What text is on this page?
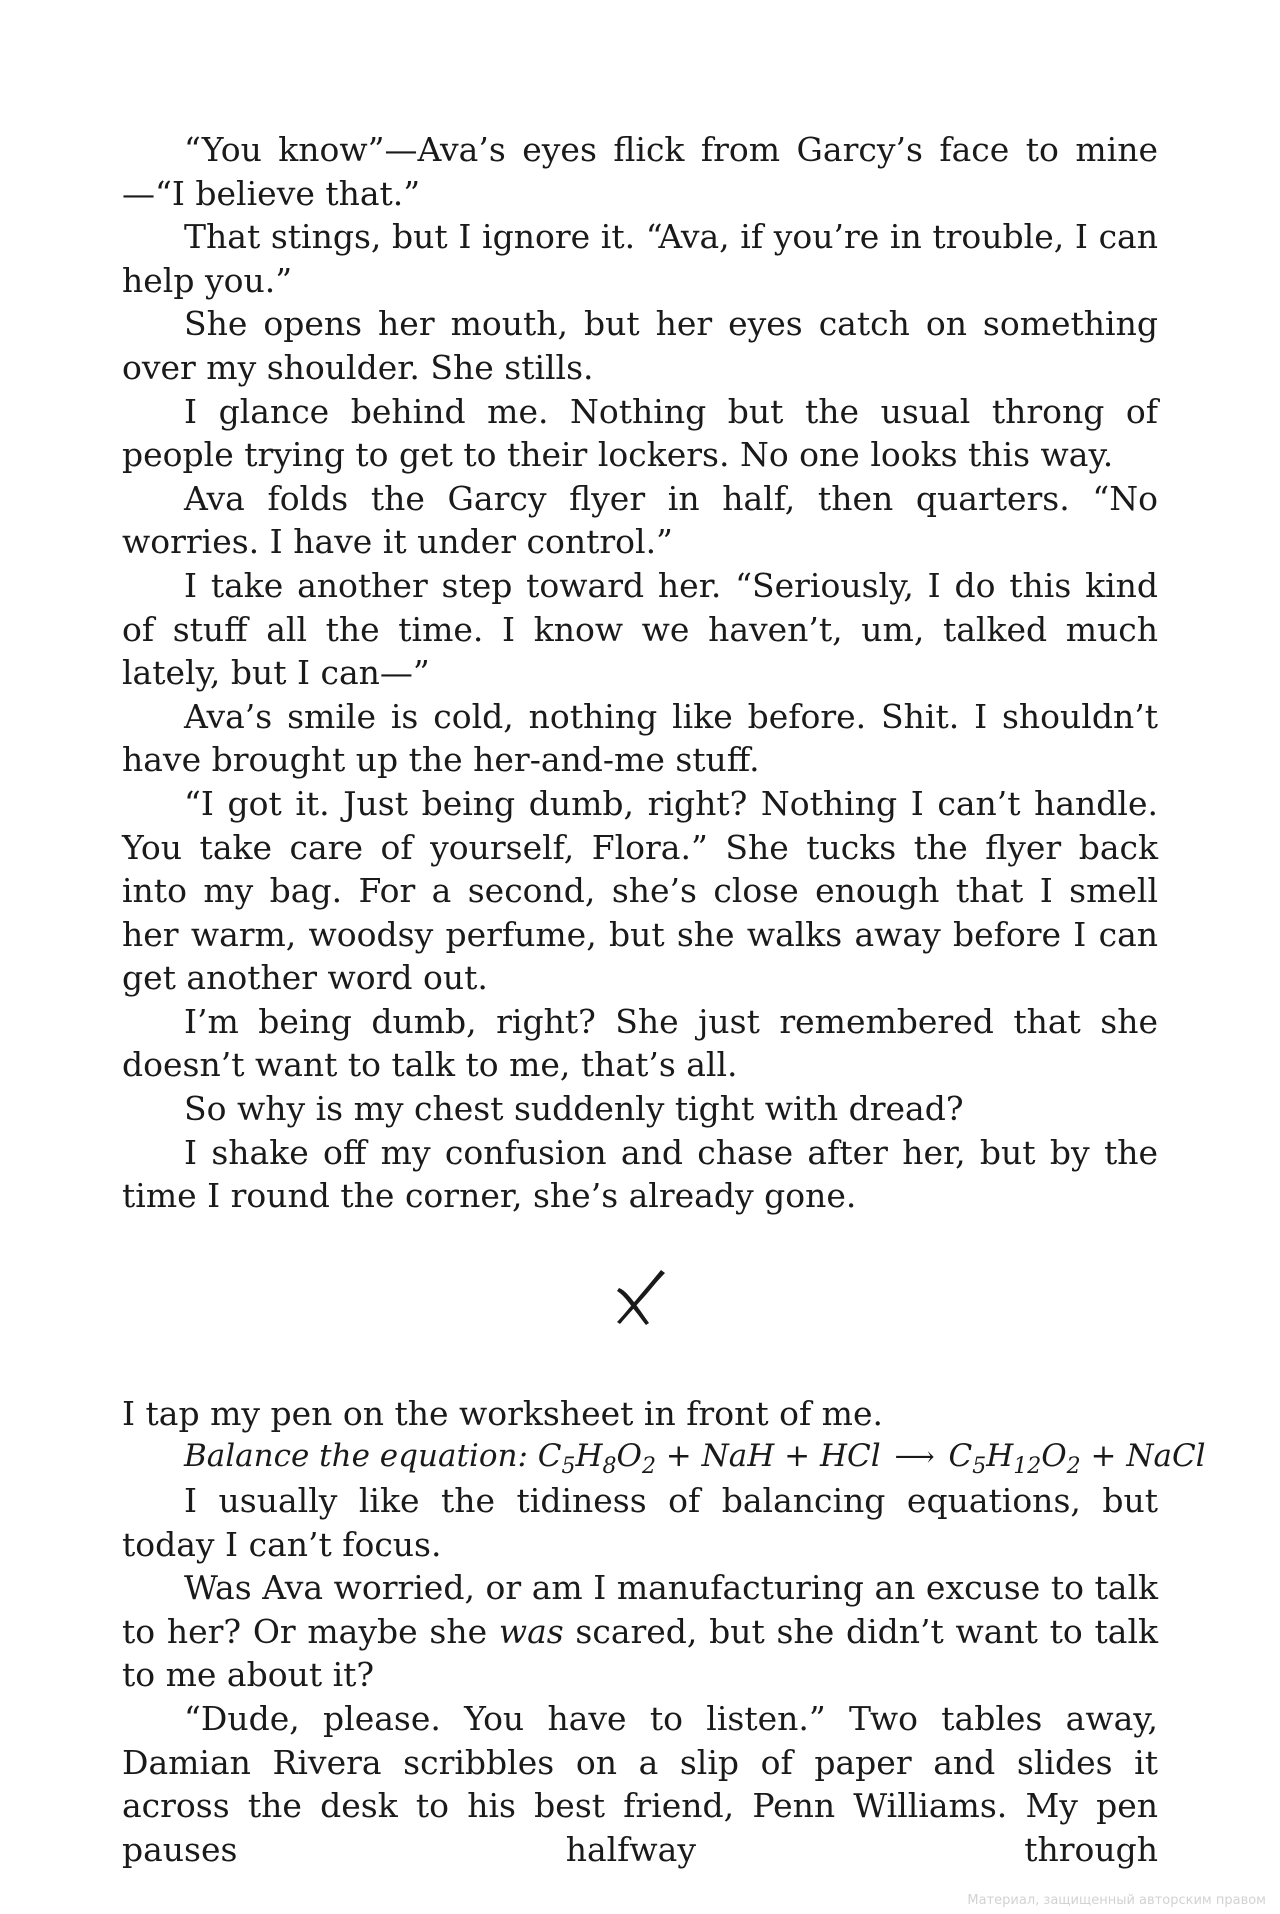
“You know”—Ava’s eyes flick from Garcy’s face to mine—“I believe that.”

That stings, but I ignore it. “Ava, if you’re in trouble, I can help you.”

She opens her mouth, but her eyes catch on something over my shoulder. She stills.

I glance behind me. Nothing but the usual throng of people trying to get to their lockers. No one looks this way.

Ava folds the Garcy flyer in half, then quarters. “No worries. I have it under control.”

I take another step toward her. “Seriously, I do this kind of stuff all the time. I know we haven’t, um, talked much lately, but I can—”

Ava’s smile is cold, nothing like before. Shit. I shouldn’t have brought up the her-and-me stuff.

“I got it. Just being dumb, right? Nothing I can’t handle. You take care of yourself, Flora.” She tucks the flyer back into my bag. For a second, she’s close enough that I smell her warm, woodsy perfume, but she walks away before I can get another word out.

I’m being dumb, right? She just remembered that she doesn’t want to talk to me, that’s all.

So why is my chest suddenly tight with dread?

I shake off my confusion and chase after her, but by the time I round the corner, she’s already gone.

I tap my pen on the worksheet in front of me.

Balance the equation: $C_5H_8O_2$ + NaH + HCl ⟶ $C_5H_{12}O_2$ + NaCl

I usually like the tidiness of balancing equations, but today I can’t focus.

Was Ava worried, or am I manufacturing an excuse to talk to her? Or maybe she was scared, but she didn’t want to talk to me about it?

“Dude, please. You have to listen.” Two tables away, Damian Rivera scribbles on a slip of paper and slides it across the desk to his best friend, Penn Williams. My pen pauses halfway through

Материал, защищенный авторским правом
